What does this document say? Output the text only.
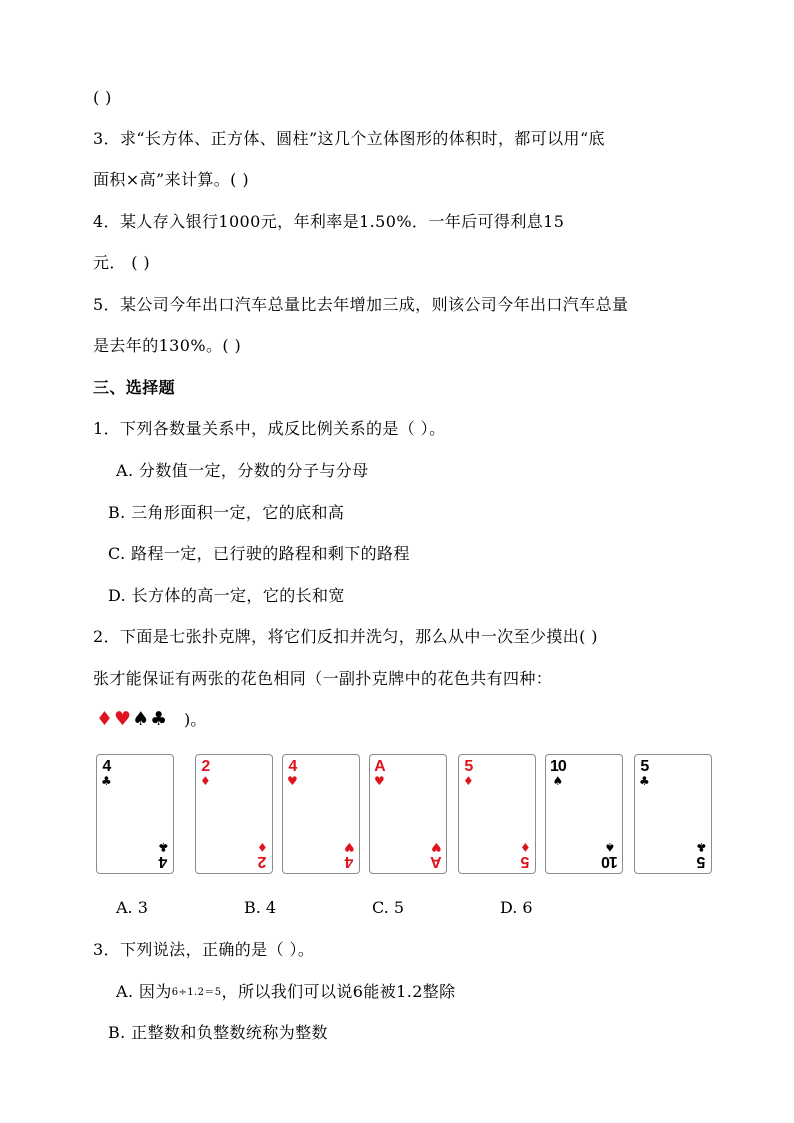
( )
3．求“长方体、正方体、圆柱”这几个立体图形的体积时，都可以用“底
面积×高”来计算。( )
4．某人存入银行1000元，年利率是1.50%．一年后可得利息15
元． ( )
5．某公司今年出口汽车总量比去年增加三成，则该公司今年出口汽车总量
是去年的130%。( )
三、选择题
1．下列各数量关系中，成反比例关系的是（ ）。
A. 分数值一定，分数的分子与分母
B. 三角形面积一定，它的底和高
C. 路程一定，已行驶的路程和剩下的路程
D. 长方体的高一定，它的长和宽
2．下面是七张扑克牌，将它们反扣并洗匀，那么从中一次至少摸出( )
张才能保证有两张的花色相同（一副扑克牌中的花色共有四种：
♦ ♥ ♠ ♣ )。
4
♣
4
♣
2
♦
2
♦
4
♥
4
♥
A
♥
A
♥
5
♦
5
♦
10
♠
10
♠
5
♣
5
♣
A. 3	B. 4	C. 5	D. 6
3．下列说法，正确的是（ ）。
A. 因为6÷1.2＝5，所以我们可以说6能被1.2整除
B. 正整数和负整数统称为整数
